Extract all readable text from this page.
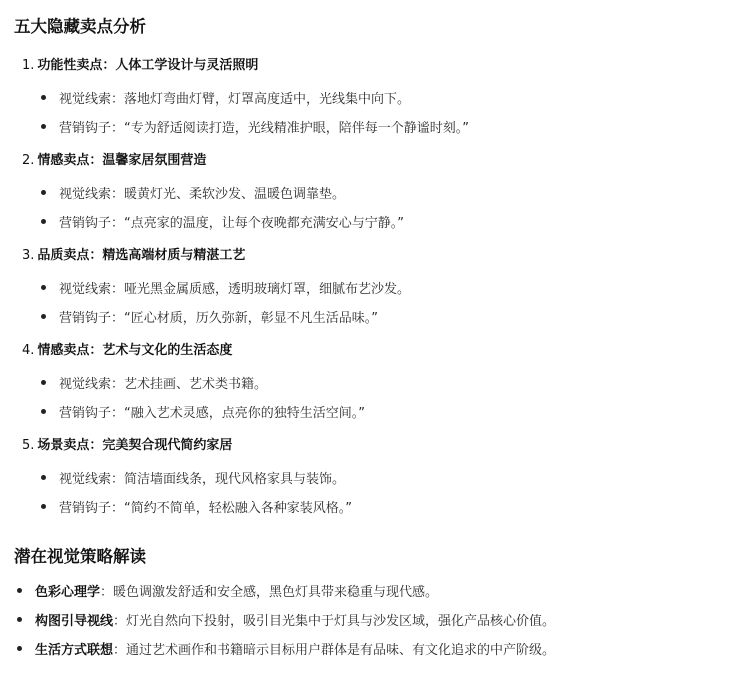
五大隐藏卖点分析
1. 功能性卖点：人体工学设计与灵活照明
视觉线索：落地灯弯曲灯臂，灯罩高度适中，光线集中向下。
营销钩子：“专为舒适阅读打造，光线精准护眼，陪伴每一个静谧时刻。”
2. 情感卖点：温馨家居氛围营造
视觉线索：暖黄灯光、柔软沙发、温暖色调靠垫。
营销钩子：“点亮家的温度，让每个夜晚都充满安心与宁静。”
3. 品质卖点：精选高端材质与精湛工艺
视觉线索：哑光黑金属质感，透明玻璃灯罩，细腻布艺沙发。
营销钩子：“匠心材质，历久弥新，彰显不凡生活品味。”
4. 情感卖点：艺术与文化的生活态度
视觉线索：艺术挂画、艺术类书籍。
营销钩子：“融入艺术灵感，点亮你的独特生活空间。”
5. 场景卖点：完美契合现代简约家居
视觉线索：简洁墙面线条，现代风格家具与装饰。
营销钩子：“简约不简单，轻松融入各种家装风格。”
潜在视觉策略解读
色彩心理学：暖色调激发舒适和安全感，黑色灯具带来稳重与现代感。
构图引导视线：灯光自然向下投射，吸引目光集中于灯具与沙发区域，强化产品核心价值。
生活方式联想：通过艺术画作和书籍暗示目标用户群体是有品味、有文化追求的中产阶级。
